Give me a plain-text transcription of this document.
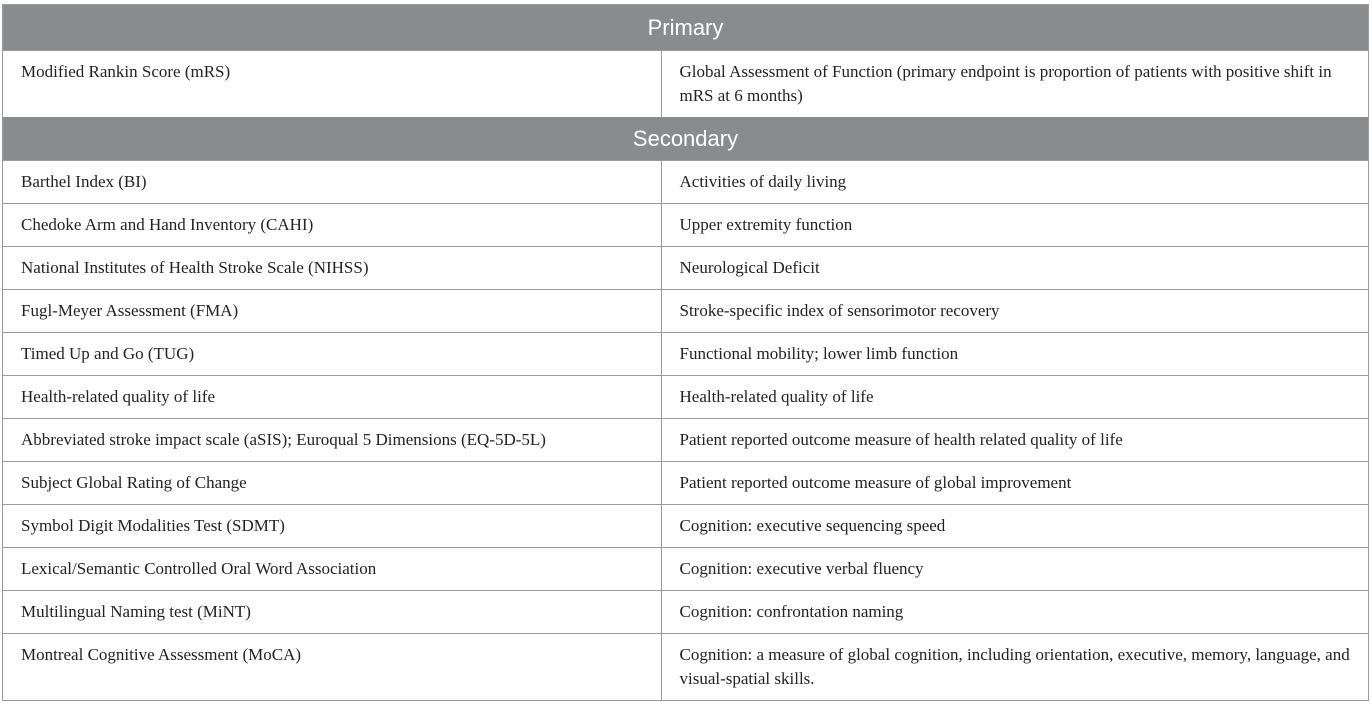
Primary	
Modified Rankin Score (mRS)	Global Assessment of Function (primary endpoint is proportion of patients with positive shift in mRS at 6 months)
Secondary	
Barthel Index (BI)	Activities of daily living
Chedoke Arm and Hand Inventory (CAHI)	Upper extremity function
National Institutes of Health Stroke Scale (NIHSS)	Neurological Deficit
Fugl-Meyer Assessment (FMA)	Stroke-specific index of sensorimotor recovery
Timed Up and Go (TUG)	Functional mobility; lower limb function
Health-related quality of life	Health-related quality of life
Abbreviated stroke impact scale (aSIS); Euroqual 5 Dimensions (EQ-5D-5L)	Patient reported outcome measure of health related quality of life
Subject Global Rating of Change	Patient reported outcome measure of global improvement
Symbol Digit Modalities Test (SDMT)	Cognition: executive sequencing speed
Lexical/Semantic Controlled Oral Word Association	Cognition: executive verbal fluency
Multilingual Naming test (MiNT)	Cognition: confrontation naming
Montreal Cognitive Assessment (MoCA)	Cognition: a measure of global cognition, including orientation, executive, memory, language, and visual-spatial skills.
